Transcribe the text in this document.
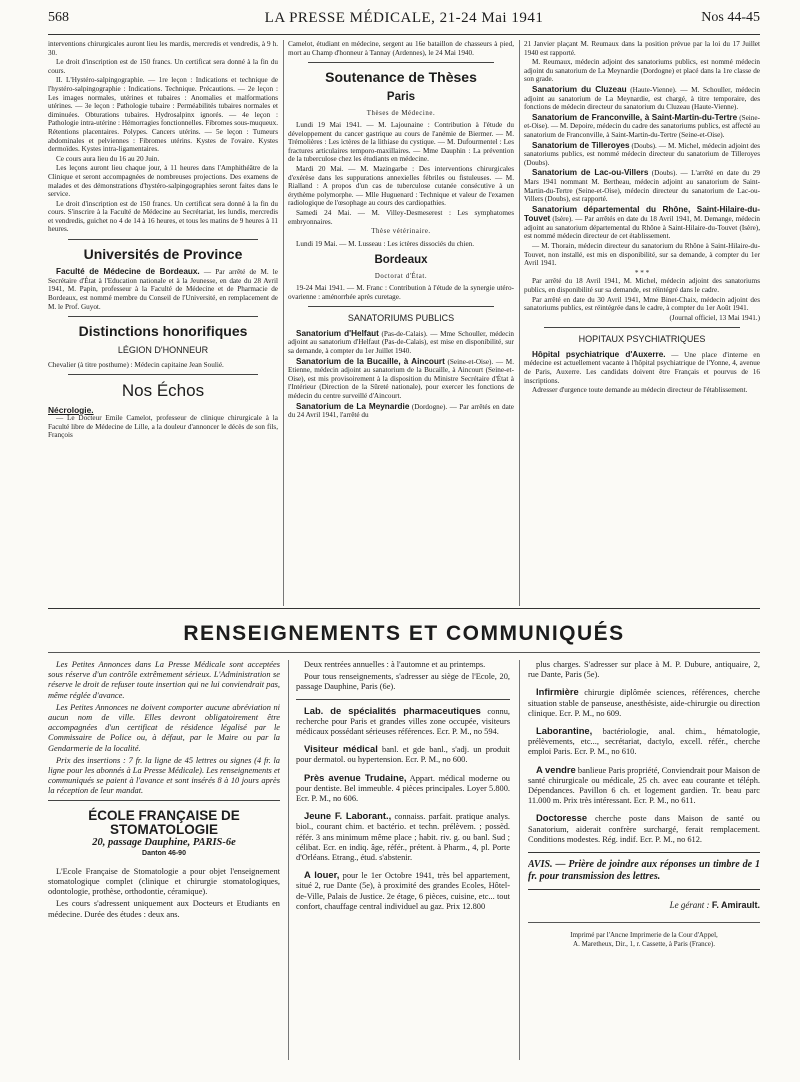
568	LA PRESSE MÉDICALE, 21-24 Mai 1941	Nos 44-45

interventions chirurgicales auront lieu les mardis, mercredis et vendredis, à 9 h. 30.

Le droit d'inscription est de 150 francs. Un certificat sera donné à la fin du cours.

II. L'Hystéro-salpingographie. — 1re leçon : Indications et technique de l'hystéro-salpingographie : Indications. Technique. Précautions. — 2e leçon : Les images normales, utérines et tubaires : Anomalies et malformations utérines. — 3e leçon : Pathologie tubaire : Perméabilités tubaires normales et diminuées. Obturations tubaires. Hydrosalpinx ignorés. — 4e leçon : Pathologie intra-utérine : Hémorragies fonctionnelles. Fibromes sous-muqueux. Rétentions placentaires. Polypes. Cancers utérins. — 5e leçon : Tumeurs abdominales et pelviennes : Fibromes utérins. Kystes de l'ovaire. Kystes dermoïdes. Kystes intra-ligamentaires.

Ce cours aura lieu du 16 au 20 Juin.

Les leçons auront lieu chaque jour, à 11 heures dans l'Amphithéâtre de la Clinique et seront accompagnées de nombreuses projections. Des examens de malades et des démonstrations d'hystéro-salpingographies seront faites dans le service.

Le droit d'inscription est de 150 francs. Un certificat sera donné à la fin du cours. S'inscrire à la Faculté de Médecine au Secrétariat, les lundis, mercredis et vendredis, guichet no 4 de 14 à 16 heures, et tous les matins de 9 heures à 11 heures.

Universités de Province

Faculté de Médecine de Bordeaux. — Par arrêté de M. le Secrétaire d'État à l'Education nationale et à la Jeunesse, en date du 28 Avril 1941, M. Papin, professeur à la Faculté de Médecine et de Pharmacie de Bordeaux, est nommé membre du Conseil de l'Université, en remplacement de M. le Prof. Guyot.

Distinctions honorifiques
LÉGION D'HONNEUR

Chevalier (à titre posthume) : Médecin capitaine Jean Soulié.

Nos Échos
Nécrologie.

— Le Docteur Emile Camelot, professeur de clinique chirurgicale à la Faculté libre de Médecine de Lille, a la douleur d'annoncer le décès de son fils, François

Camelot, étudiant en médecine, sergent au 16e bataillon de chasseurs à pied, mort au Champ d'honneur à Tannay (Ardennes), le 24 Mai 1940.

Soutenance de Thèses
Paris
Thèses de Médecine.

Lundi 19 Mai 1941. — M. Lajounaine : Contribution à l'étude du développement du cancer gastrique au cours de l'anémie de Biermer. — M. Trémolières : Les ictères de la lithiase du cystique. — M. Dufourmentel : Les fractures articulaires temporo-maxillaires. — Mme Dauphin : La prévention de la tuberculose chez les étudiants en médecine.

Mardi 20 Mai. — M. Mazingarbe : Des interventions chirurgicales d'exérèse dans les suppurations annexielles fébriles ou fistuleuses. — M. Rialland : A propos d'un cas de tuberculose cutanée consécutive à un érythème polymorphe. — Mlle Huguenard : Technique et valeur de l'examen radiologique de l'œsophage au cours des cardiopathies.

Samedi 24 Mai. — M. Villey-Desmeserest : Les symphatomes embryonnaires.

Thèse vétérinaire.

Lundi 19 Mai. — M. Lusseau : Les ictères dissociés du chien.

Bordeaux
Doctorat d'État.

19-24 Mai 1941. — M. Franc : Contribution à l'étude de la synergie utéro-ovarienne : aménorrhée après curetage.

SANATORIUMS PUBLICS

Sanatorium d'Helfaut (Pas-de-Calais). — Mme Schouller, médecin adjoint au sanatorium d'Helfaut (Pas-de-Calais), est mise en disponibilité, sur sa demande, à compter du 1er Juillet 1940.

Sanatorium de la Bucaille, à Aincourt (Seine-et-Oise). — M. Etienne, médecin adjoint au sanatorium de la Bucaille, à Aincourt (Seine-et-Oise), est mis provisoirement à la disposition du Ministre Secrétaire d'État à l'Intérieur (Direction de la Sûreté nationale), pour exercer les fonctions de médecin du centre surveillé d'Aincourt.

Sanatorium de La Meynardie (Dordogne). — Par arrêtés en date du 24 Avril 1941, l'arrêté du

21 Janvier plaçant M. Reumaux dans la position prévue par la loi du 17 Juillet 1940 est rapporté.

M. Reumaux, médecin adjoint des sanatoriums publics, est nommé médecin adjoint du sanatorium de La Meynardie (Dordogne) et placé dans la 1re classe de son grade.

Sanatorium du Cluzeau (Haute-Vienne). — M. Schouller, médecin adjoint au sanatorium de La Meynardie, est chargé, à titre temporaire, des fonctions de médecin directeur du sanatorium du Cluzeau (Haute-Vienne).

Sanatorium de Franconville, à Saint-Martin-du-Tertre (Seine-et-Oise). — M. Depoire, médecin du cadre des sanatoriums publics, est affecté au sanatorium de Franconville, à Saint-Martin-du-Tertre (Seine-et-Oise).

Sanatorium de Tilleroyes (Doubs). — M. Michel, médecin adjoint des sanatoriums publics, est nommé médecin directeur du sanatorium de Tilleroyes (Doubs).

Sanatorium de Lac-ou-Villers (Doubs). — L'arrêté en date du 29 Mars 1941 nommant M. Bertheau, médecin adjoint au sanatorium de Saint-Martin-du-Tertre (Seine-et-Oise), médecin directeur du sanatorium de Lac-ou-Villers (Doubs), est rapporté.

Sanatorium départemental du Rhône, Saint-Hilaire-du-Touvet (Isère). — Par arrêtés en date du 18 Avril 1941, M. Demange, médecin adjoint au sanatorium départemental du Rhône à Saint-Hilaire-du-Touvet (Isère), est nommé médecin directeur de cet établissement.

— M. Thorain, médecin directeur du sanatorium du Rhône à Saint-Hilaire-du-Touvet, non installé, est mis en disponibilité, sur sa demande, à compter du 1er Avril 1941.

* * *

Par arrêté du 18 Avril 1941, M. Michel, médecin adjoint des sanatoriums publics, en disponibilité sur sa demande, est réintégré dans le cadre.

Par arrêté en date du 30 Avril 1941, Mme Binet-Chaix, médecin adjoint des sanatoriums publics, est réintégrée dans le cadre, à compter du 1er Août 1941.

(Journal officiel, 13 Mai 1941.)
HOPITAUX PSYCHIATRIQUES

Hôpital psychiatrique d'Auxerre. — Une place d'interne en médecine est actuellement vacante à l'hôpital psychiatrique de l'Yonne, 4, avenue de Paris, Auxerre. Les candidats doivent être Français et pourvus de 16 inscriptions.

Adresser d'urgence toute demande au médecin directeur de l'établissement.

RENSEIGNEMENTS ET COMMUNIQUÉS

Les Petites Annonces dans La Presse Médicale sont acceptées sous réserve d'un contrôle extrêmement sérieux. L'Administration se réserve le droit de refuser toute insertion qui ne lui conviendrait pas, même réglée d'avance.

Les Petites Annonces ne doivent comporter aucune abréviation ni aucun nom de ville. Elles devront obligatoirement être accompagnées d'un certificat de résidence légalisé par le Commissaire de Police ou, à défaut, par le Maire ou par la Gendarmerie de la localité.

Prix des insertions : 7 fr. la ligne de 45 lettres ou signes (4 fr. la ligne pour les abonnés à La Presse Médicale). Les renseignements et communiqués se paient à l'avance et sont insérés 8 à 10 jours après la réception de leur mandat.

ÉCOLE FRANÇAISE DE STOMATOLOGIE
20, passage Dauphine, PARIS-6e
Danton 46-90

L'Ecole Française de Stomatologie a pour objet l'enseignement stomatologique complet (clinique et chirurgie stomatologiques, odontologie, prothèse, orthodontie, céramique).

Les cours s'adressent uniquement aux Docteurs et Etudiants en médecine. Durée des études : deux ans.

Deux rentrées annuelles : à l'automne et au printemps.

Pour tous renseignements, s'adresser au siège de l'Ecole, 20, passage Dauphine, Paris (6e).

Lab. de spécialités pharmaceutiques connu, recherche pour Paris et grandes villes zone occupée, visiteurs médicaux possédant sérieuses références. Ecr. P. M., no 594.

Visiteur médical banl. et gde banl., s'adj. un produit pour dermatol. ou hypertension. Ecr. P. M., no 600.

Près avenue Trudaine, Appart. médical moderne ou pour dentiste. Bel immeuble. 4 pièces principales. Loyer 5.800. Ecr. P. M., no 606.

Jeune F. Laborant., connaiss. parfait. pratique analys. biol., courant chim. et bactério. et techn. prélèvem. ; possèd. référ. 3 ans minimum même place ; habit. riv. g. ou banl. Sud ; célibat. Ecr. en indiq. âge, référ., prétent. à Pharm., 4, pl. Porte d'Orléans. Etrang., étud. s'abstenir.

A louer, pour le 1er Octobre 1941, très bel appartement, situé 2, rue Dante (5e), à proximité des grandes Ecoles, Hôtel-de-Ville, Palais de Justice. 2e étage, 6 pièces, cuisine, etc... tout confort, chauffage central individuel au gaz. Prix 12.800

plus charges. S'adresser sur place à M. P. Dubure, antiquaire, 2, rue Dante, Paris (5e).

Infirmière chirurgie diplômée sciences, références, cherche situation stable de panseuse, anesthésiste, aide-chirurgie ou direction clinique. Ecr. P. M., no 609.

Laborantine, bactériologie, anal. chim., hématologie, prélèvements, etc..., secrétariat, dactylo, excell. référ., cherche emploi Paris. Ecr. P. M., no 610.

A vendre banlieue Paris propriété, Conviendrait pour Maison de santé chirurgicale ou médicale, 25 ch. avec eau courante et téléph. Dépendances. Pavillon 6 ch. et logement gardien. Tr. beau parc 11.000 m. Prix très intéressant. Ecr. P. M., no 611.

Doctoresse cherche poste dans Maison de santé ou Sanatorium, aiderait confrère surchargé, ferait remplacement. Conditions modestes. Rég. indif. Ecr. P. M., no 612.

AVIS. — Prière de joindre aux réponses un timbre de 1 fr. pour transmission des lettres.
Le gérant : F. Amirault.
Imprimé par l'Ancne Imprimerie de la Cour d'Appel,
A. Maretheux, Dir., 1, r. Cassette, à Paris (France).
